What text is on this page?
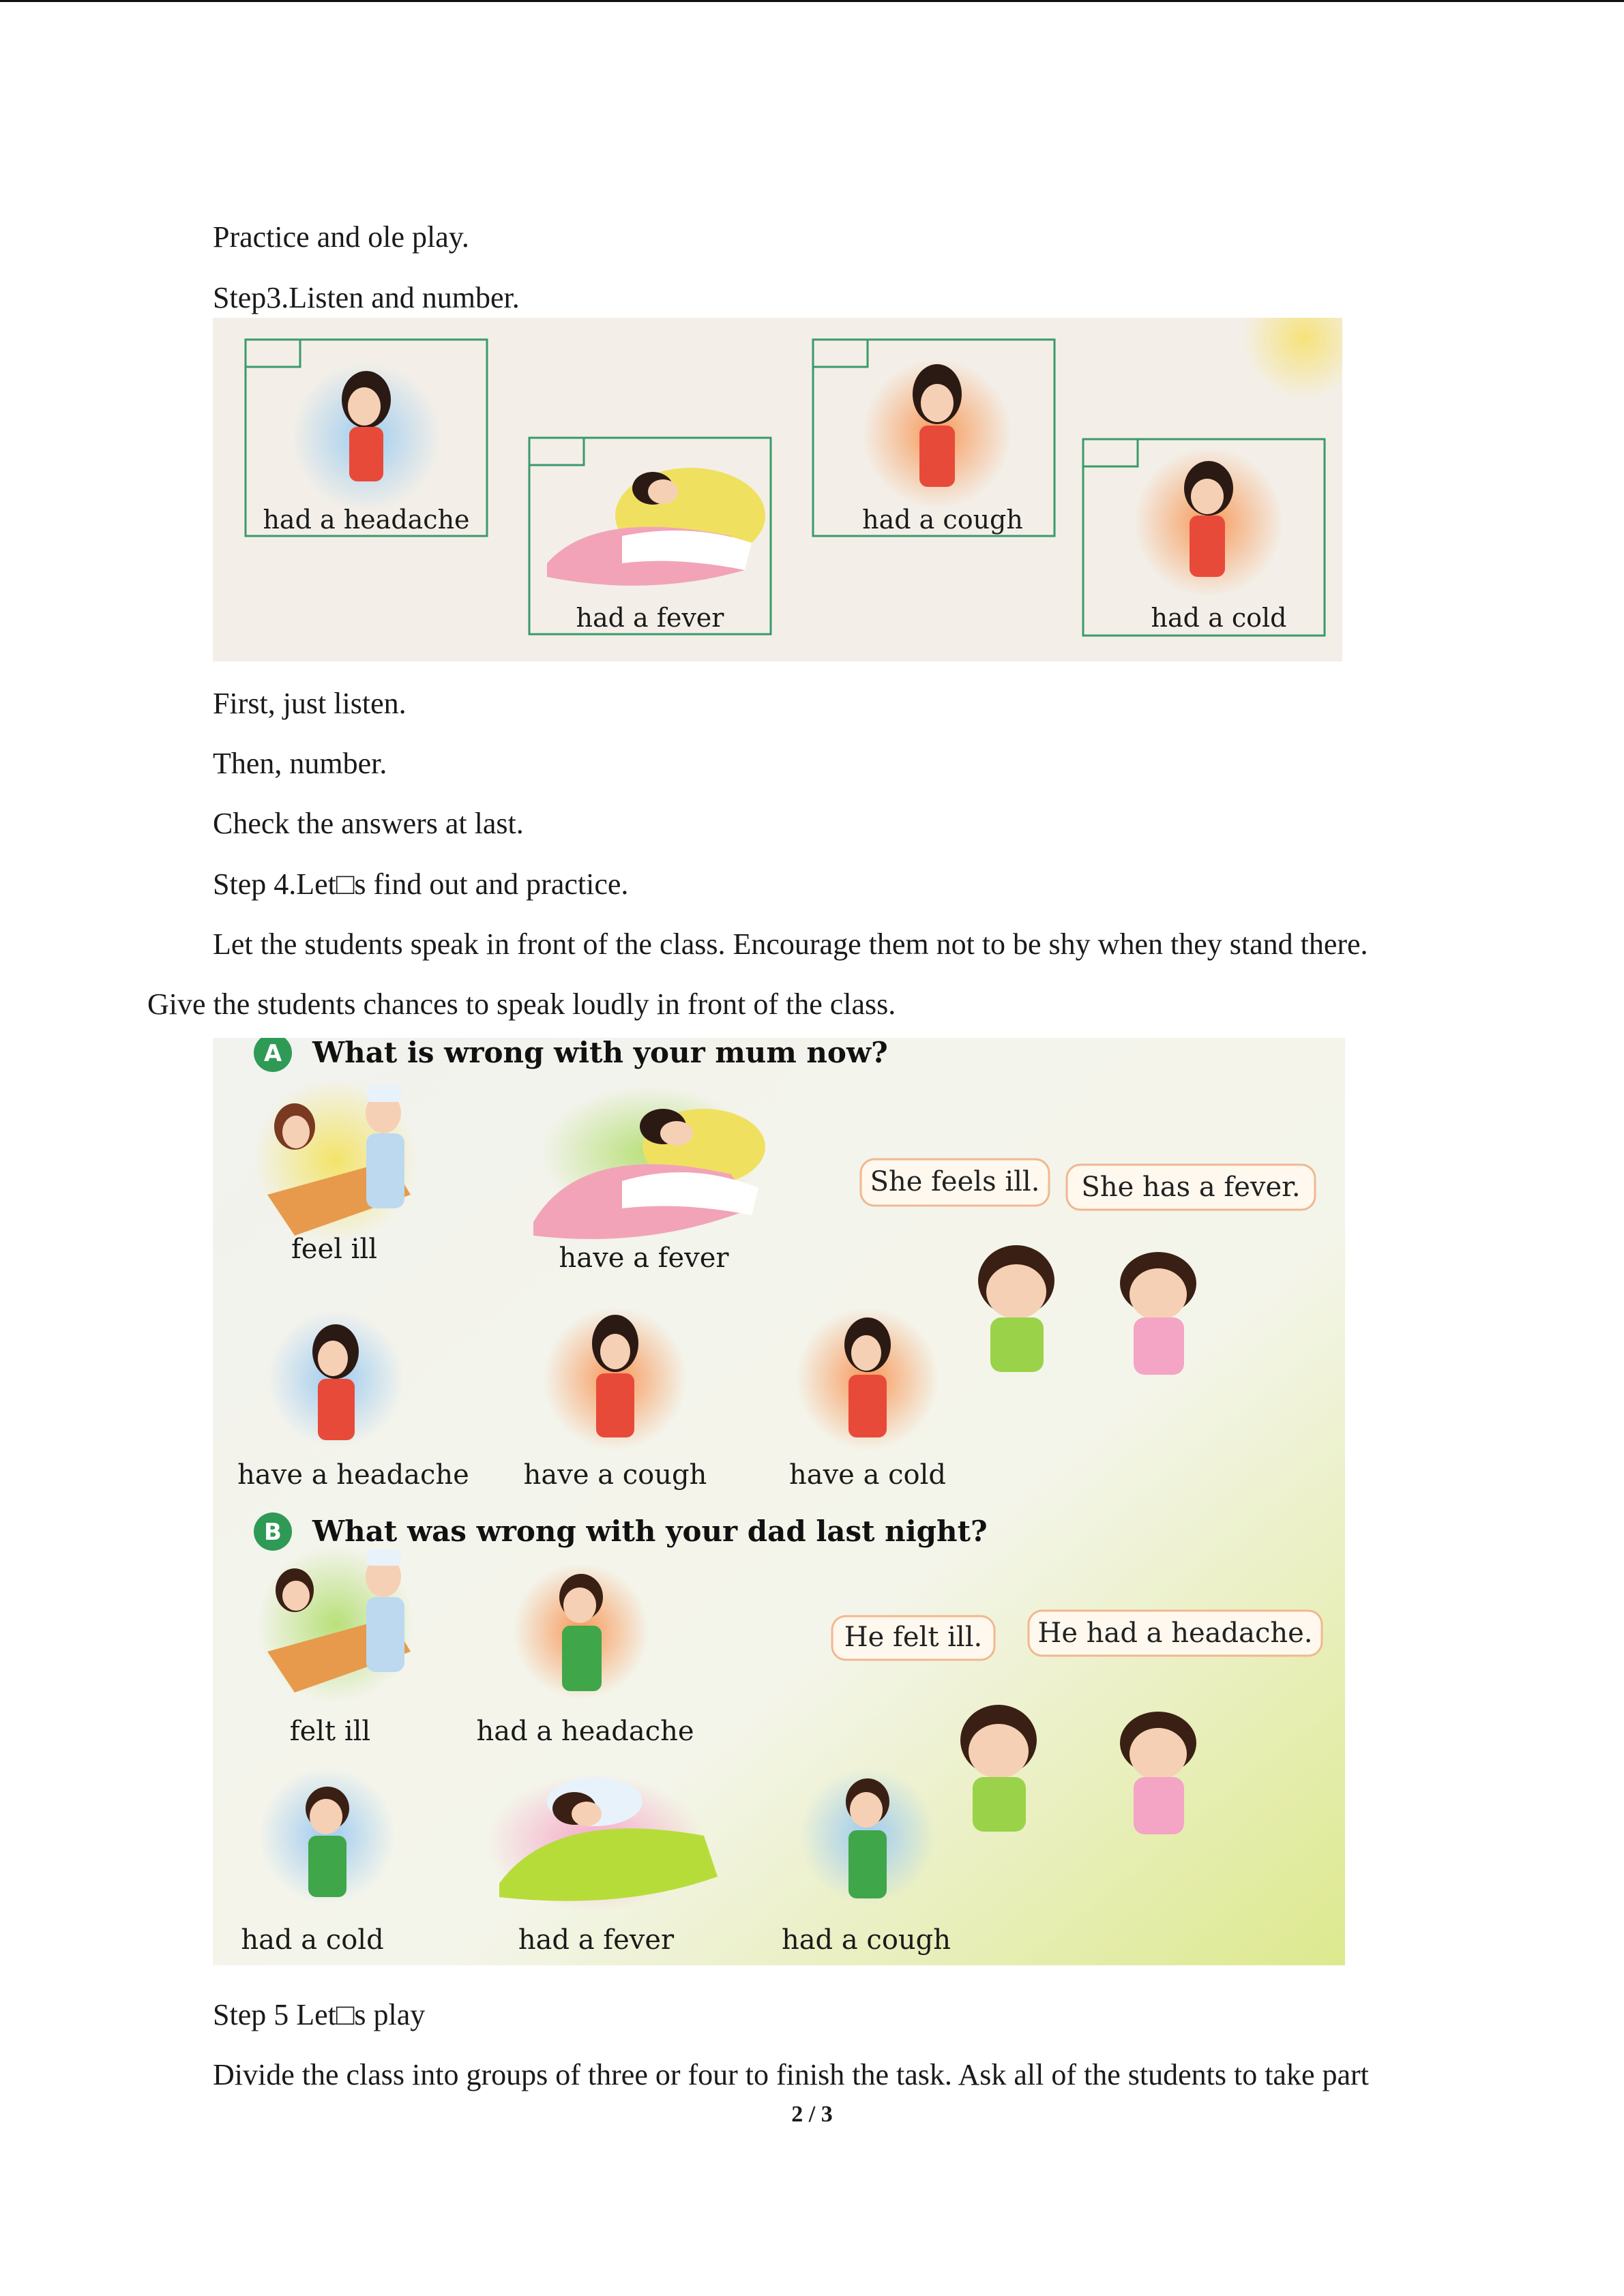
Practice and ole play.
Step3.Listen and number.
had a headache
had a fever
had a cough
had a cold
First, just listen.
Then, number.
Check the answers at last.
Step 4.Let□s find out and practice.
Let the students speak in front of the class. Encourage them not to be shy when they stand there.
Give the students chances to speak loudly in front of the class.
A What is wrong with your mum now?
She feels ill. She has a fever.
feel ill	have a fever
have a headache have a cough	have a cold
B What was wrong with your dad last night?
He felt ill. He had a headache.
felt ill	had a headache
had a cold	had a fever	had a cough
Step 5 Let□s play
Divide the class into groups of three or four to finish the task. Ask all of the students to take part
2 / 3
